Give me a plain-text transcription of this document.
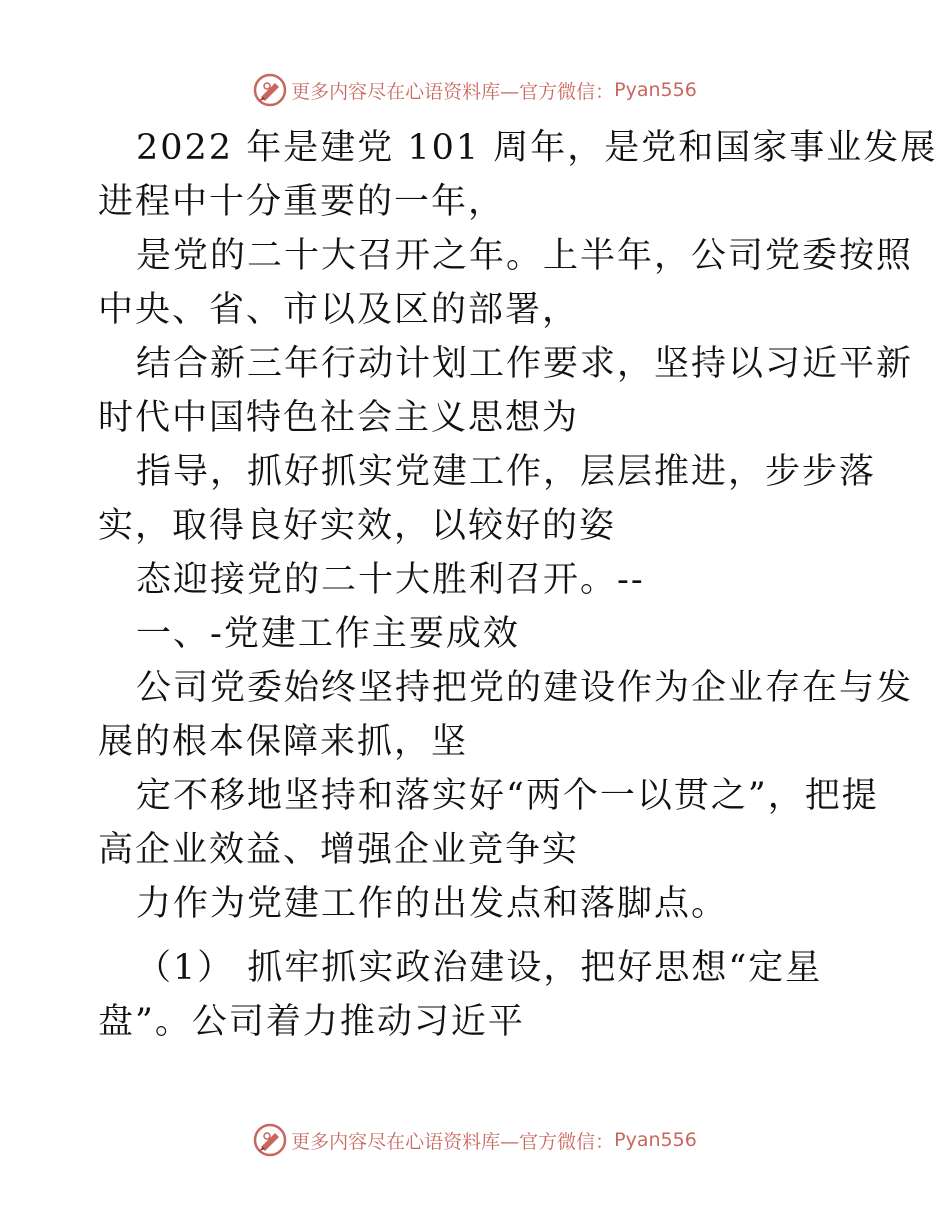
更多内容尽在心语资料库—官方微信： Pyan556
2022 年是建党 101 周年，是党和国家事业发展
进程中十分重要的一年，
是党的二十大召开之年。上半年，公司党委按照
中央、省、市以及区的部署，
结合新三年行动计划工作要求，坚持以习近平新
时代中国特色社会主义思想为
指导，抓好抓实党建工作，层层推进，步步落
实，取得良好实效，以较好的姿
态迎接党的二十大胜利召开。--
一、-党建工作主要成效
公司党委始终坚持把党的建设作为企业存在与发
展的根本保障来抓，坚
定不移地坚持和落实好“两个一以贯之”，把提
高企业效益、增强企业竞争实
力作为党建工作的出发点和落脚点。
（1） 抓牢抓实政治建设，把好思想“定星
盘”。公司着力推动习近平
更多内容尽在心语资料库—官方微信： Pyan556
